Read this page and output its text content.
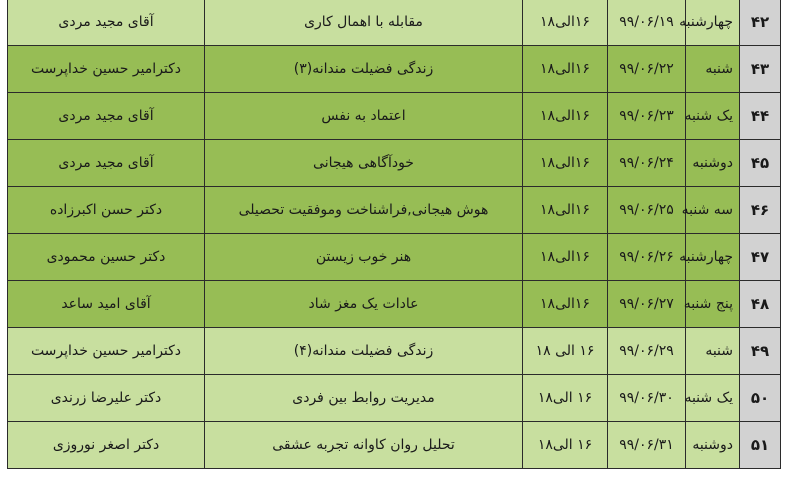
آقای مجید مردی	مقابله با اهمال کاری	۱۶الی۱۸	۹۹/۰۶/۱۹	چهارشنبه	۴۲
دکترامیر حسین خداپرست	زندگی فضیلت مندانه(۳)	۱۶الی۱۸	۹۹/۰۶/۲۲	شنبه	۴۳
آقای مجید مردی	اعتماد به نفس	۱۶الی۱۸	۹۹/۰۶/۲۳	یک شنبه	۴۴
آقای مجید مردی	خودآگاهی هیجانی	۱۶الی۱۸	۹۹/۰۶/۲۴	دوشنبه	۴۵
دکتر حسن اکبرزاده	هوش هیجانی,فراشناخت وموفقیت تحصیلی	۱۶الی۱۸	۹۹/۰۶/۲۵	سه شنبه	۴۶
دکتر حسین محمودی	هنر خوب زیستن	۱۶الی۱۸	۹۹/۰۶/۲۶	چهارشنبه	۴۷
آقای امید ساعد	عادات یک مغز شاد	۱۶الی۱۸	۹۹/۰۶/۲۷	پنج شنبه	۴۸
دکترامیر حسین خداپرست	زندگی فضیلت مندانه(۴)	۱۶ الی ۱۸	۹۹/۰۶/۲۹	شنبه	۴۹
دکتر علیرضا زرندی	مدیریت روابط بین فردی	۱۶ الی۱۸	۹۹/۰۶/۳۰	یک شنبه	۵۰
دکتر اصغر نوروزی	تحلیل روان کاوانه تجربه عشقی	۱۶ الی۱۸	۹۹/۰۶/۳۱	دوشنبه	۵۱
